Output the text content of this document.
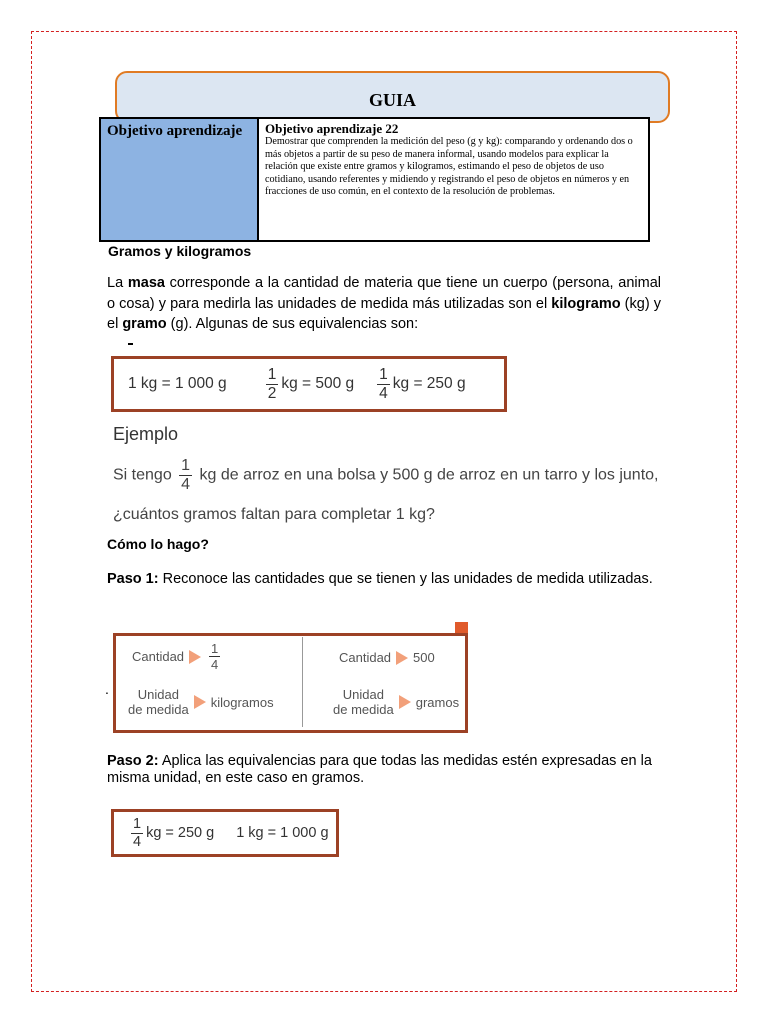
GUIA
Objetivo aprendizaje	Objetivo aprendizaje 22
Demostrar que comprenden la medición del peso (g y kg): comparando y ordenando dos o más objetos a partir de su peso de manera informal, usando modelos para explicar la relación que existe entre gramos y kilogramos, estimando el peso de objetos de uso cotidiano, usando referentes y midiendo y registrando el peso de objetos en números y en fracciones de uso común, en el contexto de la resolución de problemas.
Gramos y kilogramos
La masa corresponde a la cantidad de materia que tiene un cuerpo (persona, animal o cosa) y para medirla las unidades de medida más utilizadas son el kilogramo (kg) y el gramo (g). Algunas de sus equivalencias son:
1 kg = 1 000 g	$\frac{1}{2}$ kg = 500 g $\frac{1}{4}$ kg = 250 g
Ejemplo
Si tengo $\frac{1}{4}$ kg de arroz en una bolsa y 500 g de arroz en un tarro y los junto,
¿cuántos gramos faltan para completar 1 kg?
Cómo lo hago?
Paso 1: Reconoce las cantidades que se tienen y las unidades de medida utilizadas.
.
Cantidad $\frac{1}{4}$
Unidad
de medida kilogramos
Cantidad 500
Unidad
de medida gramos
Paso 2: Aplica las equivalencias para que todas las medidas estén expresadas en la misma unidad, en este caso en gramos.
$\frac{1}{4}$ kg = 250 g 1 kg = 1 000 g
